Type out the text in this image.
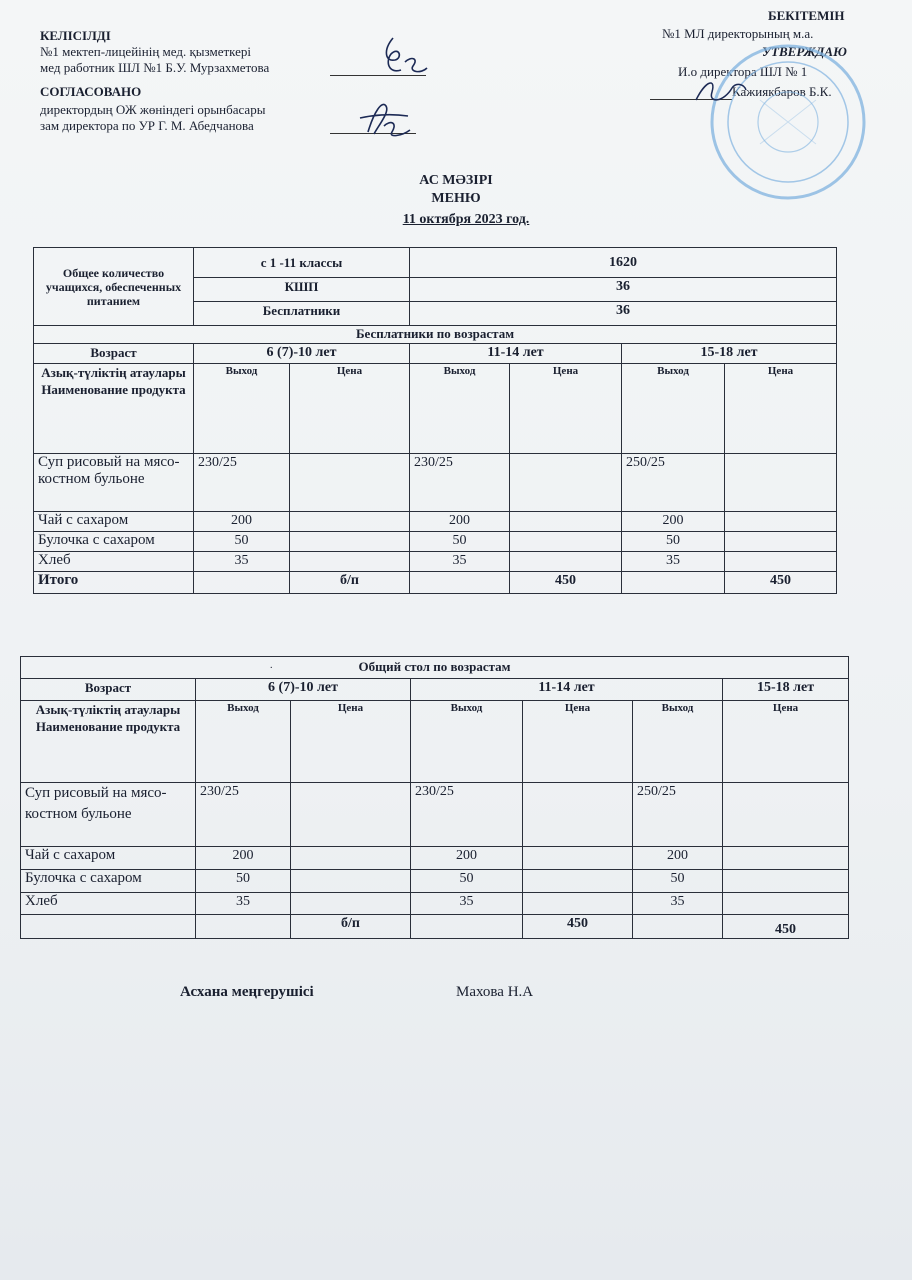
КЕЛІСІЛДІ
№1 мектеп-лицейінің мед. қызметкері
мед работник ШЛ №1 Б.У. Мурзахметова
СОГЛАСОВАНО
директордың ОЖ жөніндегі орынбасары
зам директора по УР Г. М. Абедчанова
БЕКІТЕМІН
№1 МЛ директорының м.а.
УТВЕРЖДАЮ
И.о директора ШЛ № 1
Кажиякбаров Б.К.
АС МӘЗІРІ
МЕНЮ
11 октября 2023 год.
Общее количество учащихся, обеспеченных питанием	с 1 -11 классы		1620			
	КШП		36			
	Бесплатники		36			
Бесплатники по возрастам						
Возраст	6 (7)-10 лет		11-14 лет		15-18 лет	
Азық-түліктің атаулары Наименование продукта	Выход	Цена	Выход	Цена	Выход	Цена
Суп рисовый на мясо-костном бульоне	230/25		230/25		250/25	
Чай с сахаром	200		200		200	
Булочка с сахаром	50		50		50	
Хлеб	35		35		35	
Итого		б/п		450		450
.	Общий стол по возрастам						
Возраст	6 (7)-10 лет		11-14 лет			15-18 лет
Азық-түліктің атаулары Наименование продукта	Выход	Цена	Выход	Цена	Выход	Цена
Суп рисовый на мясо-костном бульоне	230/25		230/25		250/25	
Чай с сахаром	200		200		200	
Булочка с сахаром	50		50		50	
Хлеб	35		35		35	
		б/п		450		450
Асхана меңгерушісі	Махова Н.А
